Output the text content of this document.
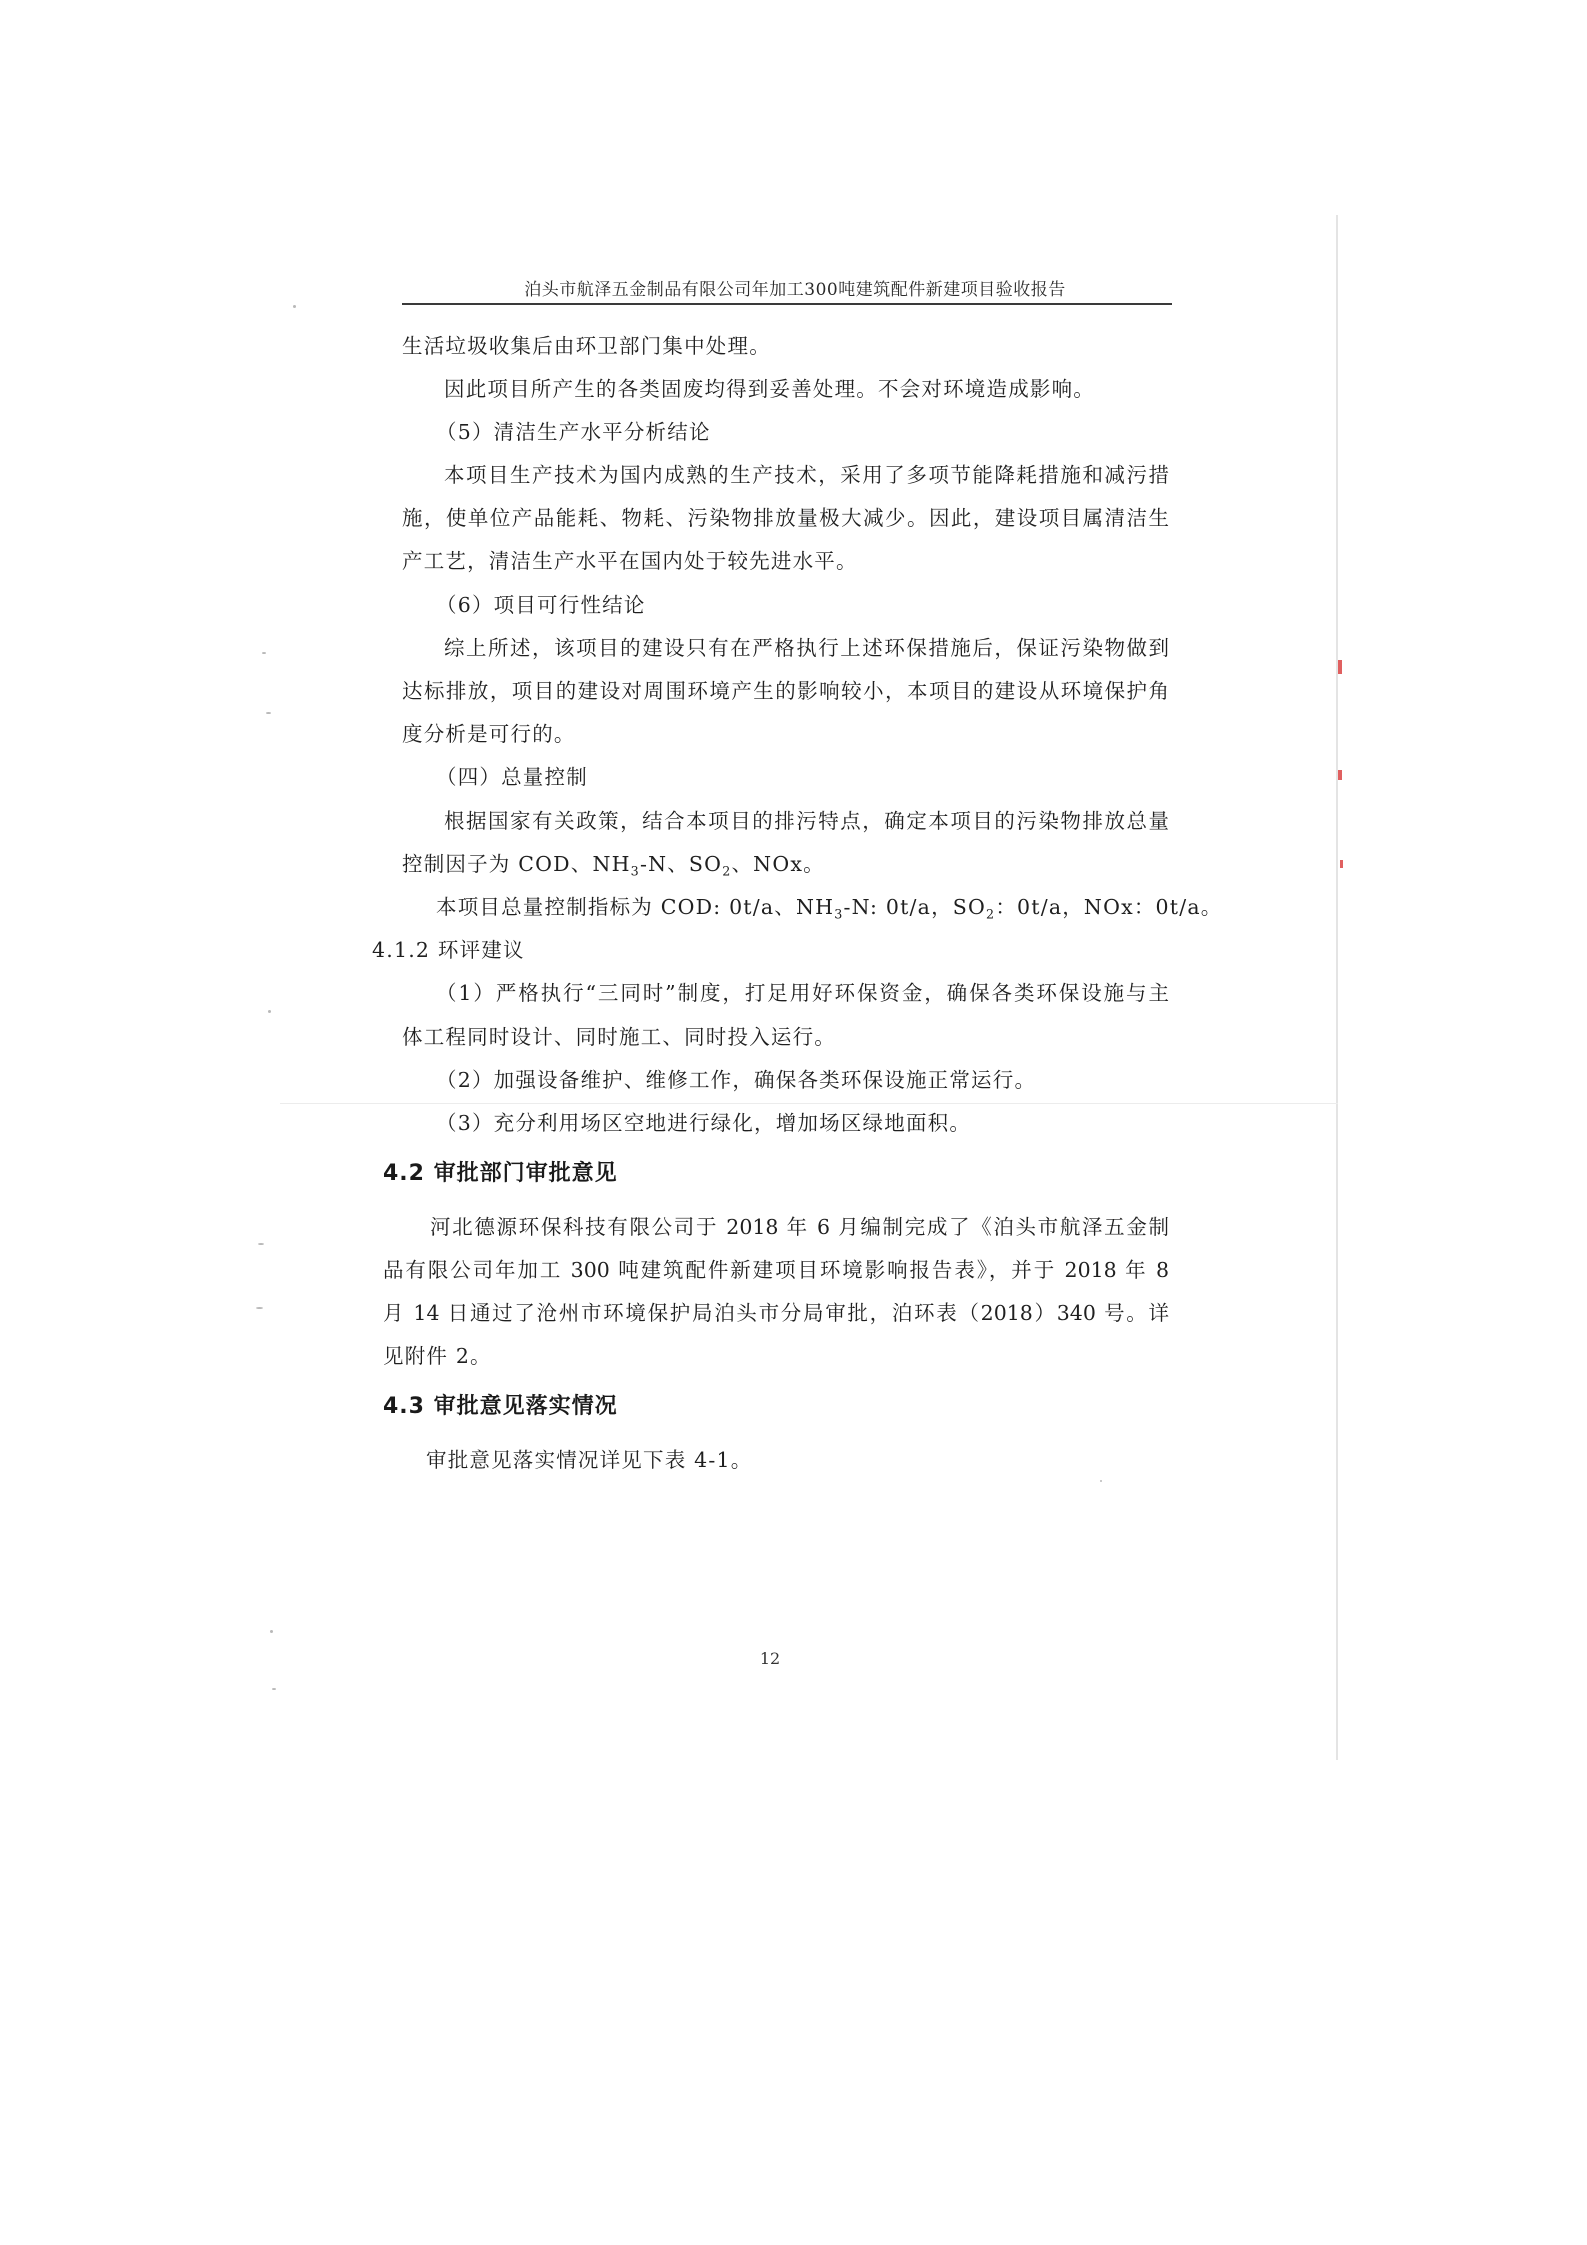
泊头市航泽五金制品有限公司年加工300吨建筑配件新建项目验收报告
生活垃圾收集后由环卫部门集中处理。
因此项目所产生的各类固废均得到妥善处理。不会对环境造成影响。
（5）清洁生产水平分析结论
本项目生产技术为国内成熟的生产技术，采用了多项节能降耗措施和减污措
施，使单位产品能耗、物耗、污染物排放量极大减少。因此，建设项目属清洁生
产工艺，清洁生产水平在国内处于较先进水平。
（6）项目可行性结论
综上所述，该项目的建设只有在严格执行上述环保措施后，保证污染物做到
达标排放，项目的建设对周围环境产生的影响较小，本项目的建设从环境保护角
度分析是可行的。
（四）总量控制
根据国家有关政策，结合本项目的排污特点，确定本项目的污染物排放总量
控制因子为 COD、$NH_3-N$、$SO_2$、NOx。
本项目总量控制指标为 COD: 0t/a、$NH_3-N$: 0t/a，$SO_2$：0t/a，NOx：0t/a。
4.1.2 环评建议
（1）严格执行“三同时”制度，打足用好环保资金，确保各类环保设施与主
体工程同时设计、同时施工、同时投入运行。
（2）加强设备维护、维修工作，确保各类环保设施正常运行。
（3）充分利用场区空地进行绿化，增加场区绿地面积。
4.2 审批部门审批意见
河北德源环保科技有限公司于 2018 年 6 月编制完成了《泊头市航泽五金制
品有限公司年加工 300 吨建筑配件新建项目环境影响报告表》，并于 2018 年 8
月 14 日通过了沧州市环境保护局泊头市分局审批，泊环表（2018）340 号。详
见附件 2。
4.3 审批意见落实情况
审批意见落实情况详见下表 4-1。
12
